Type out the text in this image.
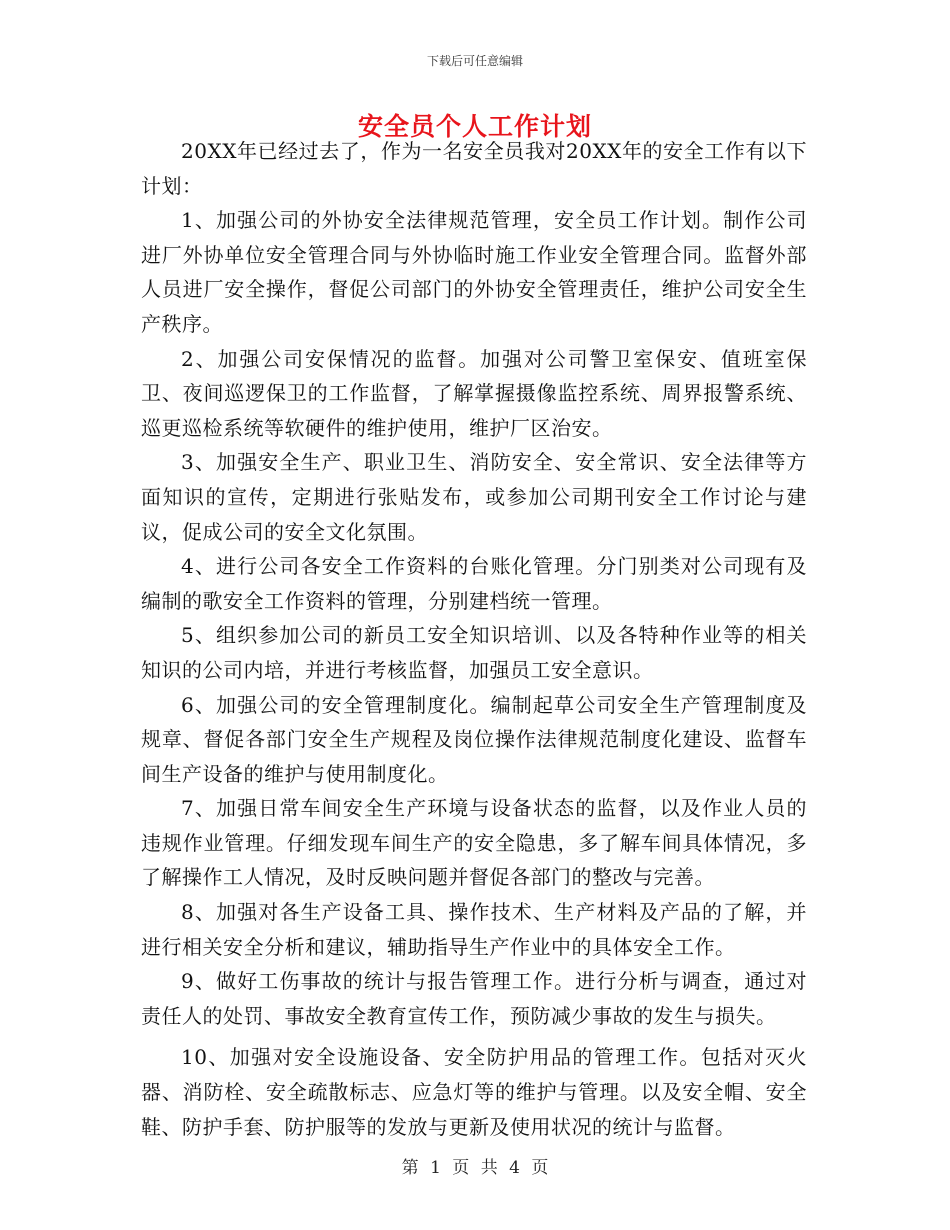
下载后可任意编辑
安全员个人工作计划

20XX年已经过去了，作为一名安全员我对20XX年的安全工作有以下计划：

1、加强公司的外协安全法律规范管理，安全员工作计划。制作公司进厂外协单位安全管理合同与外协临时施工作业安全管理合同。监督外部人员进厂安全操作，督促公司部门的外协安全管理责任，维护公司安全生产秩序。

2、加强公司安保情况的监督。加强对公司警卫室保安、值班室保卫、夜间巡逻保卫的工作监督，了解掌握摄像监控系统、周界报警系统、巡更巡检系统等软硬件的维护使用，维护厂区治安。

3、加强安全生产、职业卫生、消防安全、安全常识、安全法律等方面知识的宣传，定期进行张贴发布，或参加公司期刊安全工作讨论与建议，促成公司的安全文化氛围。

4、进行公司各安全工作资料的台账化管理。分门别类对公司现有及编制的歌安全工作资料的管理，分别建档统一管理。

5、组织参加公司的新员工安全知识培训、以及各特种作业等的相关知识的公司内培，并进行考核监督，加强员工安全意识。

6、加强公司的安全管理制度化。编制起草公司安全生产管理制度及规章、督促各部门安全生产规程及岗位操作法律规范制度化建设、监督车间生产设备的维护与使用制度化。

7、加强日常车间安全生产环境与设备状态的监督，以及作业人员的违规作业管理。仔细发现车间生产的安全隐患，多了解车间具体情况，多了解操作工人情况，及时反映问题并督促各部门的整改与完善。

8、加强对各生产设备工具、操作技术、生产材料及产品的了解，并进行相关安全分析和建议，辅助指导生产作业中的具体安全工作。

9、做好工伤事故的统计与报告管理工作。进行分析与调查，通过对责任人的处罚、事故安全教育宣传工作，预防减少事故的发生与损失。

10、加强对安全设施设备、安全防护用品的管理工作。包括对灭火器、消防栓、安全疏散标志、应急灯等的维护与管理。以及安全帽、安全鞋、防护手套、防护服等的发放与更新及使用状况的统计与监督。

第 1 页 共 4 页
